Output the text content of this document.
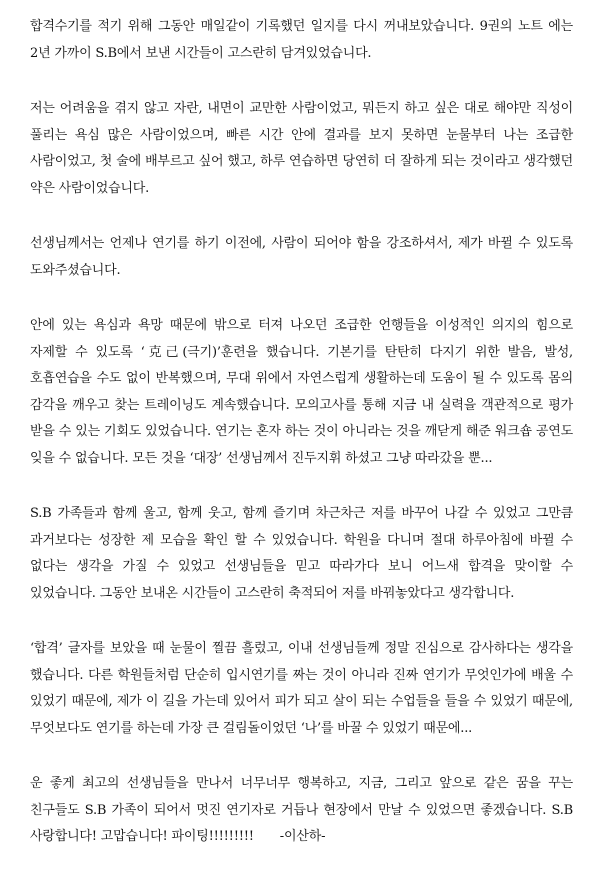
합격수기를 적기 위해 그동안 매일같이 기록했던 일지를 다시 꺼내보았습니다. 9권의 노트 에는 2년 가까이 S.B에서 보낸 시간들이 고스란히 담겨있었습니다.

저는 어려움을 겪지 않고 자란, 내면이 교만한 사람이었고, 뭐든지 하고 싶은 대로 해야만 직성이 풀리는 욕심 많은 사람이었으며, 빠른 시간 안에 결과를 보지 못하면 눈물부터 나는 조급한 사람이었고, 첫 술에 배부르고 싶어 했고, 하루 연습하면 당연히 더 잘하게 되는 것이라고 생각했던 약은 사람이었습니다.

선생님께서는 언제나 연기를 하기 이전에, 사람이 되어야 함을 강조하셔서, 제가 바뀔 수 있도록 도와주셨습니다.

안에 있는 욕심과 욕망 때문에 밖으로 터져 나오던 조급한 언행들을 이성적인 의지의 힘으로 자제할 수 있도록 ‘克己(극기)’훈련을 했습니다. 기본기를 탄탄히 다지기 위한 발음, 발성, 호흡연습을 수도 없이 반복했으며, 무대 위에서 자연스럽게 생활하는데 도움이 될 수 있도록 몸의 감각을 깨우고 찾는 트레이닝도 계속했습니다. 모의고사를 통해 지금 내 실력을 객관적으로 평가 받을 수 있는 기회도 있었습니다. 연기는 혼자 하는 것이 아니라는 것을 깨닫게 해준 워크숍 공연도 잊을 수 없습니다. 모든 것을 ‘대장’ 선생님께서 진두지휘 하셨고 그냥 따라갔을 뿐...

S.B 가족들과 함께 울고, 함께 웃고, 함께 즐기며 차근차근 저를 바꾸어 나갈 수 있었고 그만큼 과거보다는 성장한 제 모습을 확인 할 수 있었습니다. 학원을 다니며 절대 하루아침에 바뀔 수 없다는 생각을 가질 수 있었고 선생님들을 믿고 따라가다 보니 어느새 합격을 맞이할 수 있었습니다. 그동안 보내온 시간들이 고스란히 축적되어 저를 바꿔놓았다고 생각합니다.

‘합격’ 글자를 보았을 때 눈물이 찔끔 흘렀고, 이내 선생님들께 정말 진심으로 감사하다는 생각을 했습니다. 다른 학원들처럼 단순히 입시연기를 짜는 것이 아니라 진짜 연기가 무엇인가에 배울 수 있었기 때문에, 제가 이 길을 가는데 있어서 피가 되고 살이 되는 수업들을 들을 수 있었기 때문에, 무엇보다도 연기를 하는데 가장 큰 걸림돌이었던 ‘나’를 바꿀 수 있었기 때문에...

운 좋게 최고의 선생님들을 만나서 너무너무 행복하고, 지금, 그리고 앞으로 같은 꿈을 꾸는 친구들도 S.B 가족이 되어서 멋진 연기자로 거듭나 현장에서 만날 수 있었으면 좋겠습니다. S.B 사랑합니다! 고맙습니다! 파이팅!!!!!!!!! -이산하-
